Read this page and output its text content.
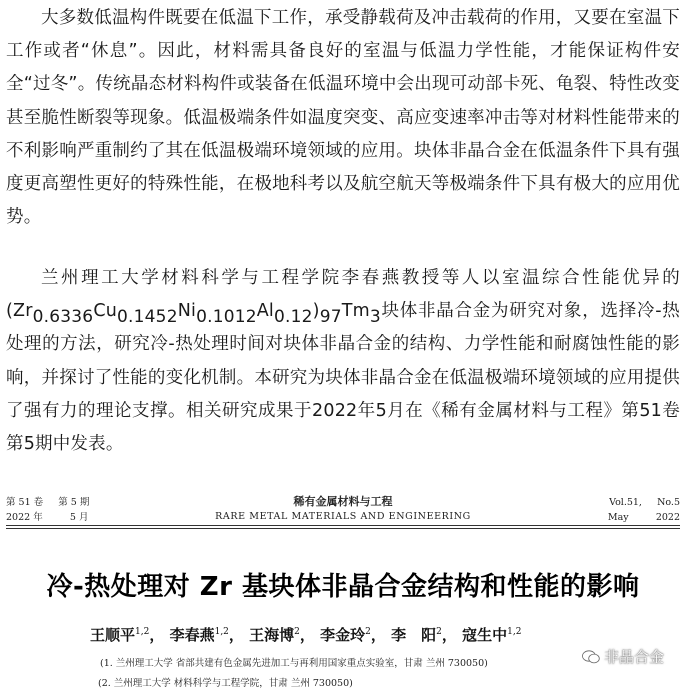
大多数低温构件既要在低温下工作，承受静载荷及冲击载荷的作用，又要在室温下工作或者“休息”。因此，材料需具备良好的室温与低温力学性能，才能保证构件安全“过冬”。传统晶态材料构件或装备在低温环境中会出现可动部卡死、龟裂、特性改变甚至脆性断裂等现象。低温极端条件如温度突变、高应变速率冲击等对材料性能带来的不利影响严重制约了其在低温极端环境领域的应用。块体非晶合金在低温条件下具有强度更高塑性更好的特殊性能，在极地科考以及航空航天等极端条件下具有极大的应用优势。

兰州理工大学材料科学与工程学院李春燕教授等人以室温综合性能优异的(Zr0.6336Cu0.1452Ni0.1012Al0.12)97Tm3块体非晶合金为研究对象，选择冷-热处理的方法，研究冷-热处理时间对块体非晶合金的结构、力学性能和耐腐蚀性能的影响，并探讨了性能的变化机制。本研究为块体非晶合金在低温极端环境领域的应用提供了强有力的理论支撑。相关研究成果于2022年5月在《稀有金属材料与工程》第51卷第5期中发表。

第 51 卷 第 5 期
2022 年	5 月
稀有金属材料与工程
RARE METAL MATERIALS AND ENGINEERING
Vol.51, No.5
May	2022
冷-热处理对 Zr 基块体非晶合金结构和性能的影响
王顺平$^{1,2}$， 李春燕$^{1,2}$， 王海博$^2$， 李金玲$^2$， 李　阳$^2$， 寇生中$^{1,2}$
(1. 兰州理工大学 省部共建有色金属先进加工与再利用国家重点实验室，甘肃 兰州 730050)
(2. 兰州理工大学 材料科学与工程学院，甘肃 兰州 730050)
非晶合金
